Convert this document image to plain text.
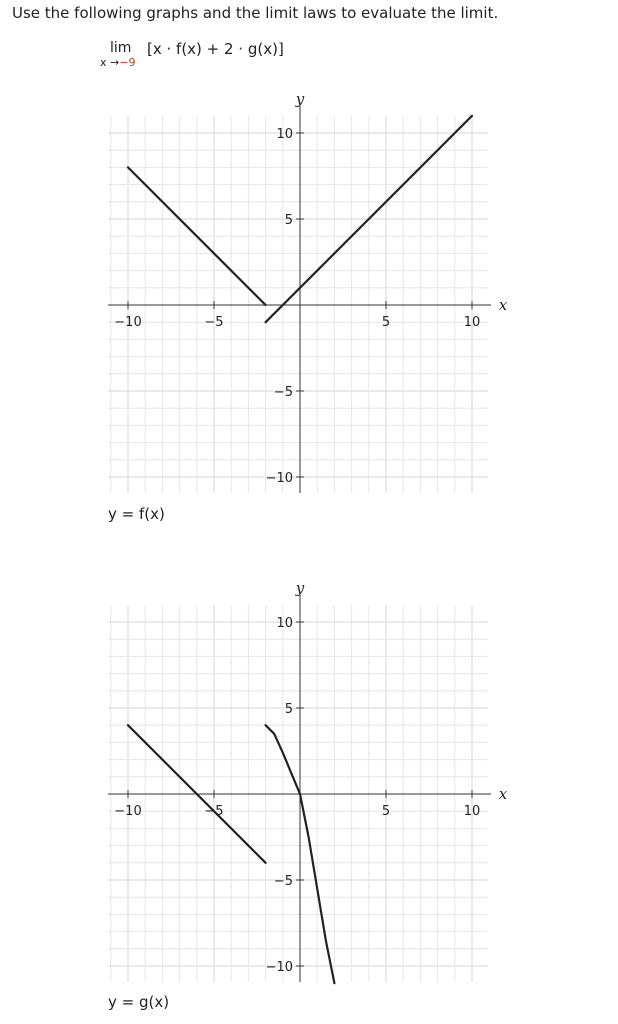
Use the following graphs and the limit laws to evaluate the limit.
lim
x →−9
[x · f(x) + 2 · g(x)]
x
y
−10	−5	5	10
10
5
−5
−10
y = f(x)
x
y
−10	−5	5	10
10
5
−5
−10
y = g(x)
